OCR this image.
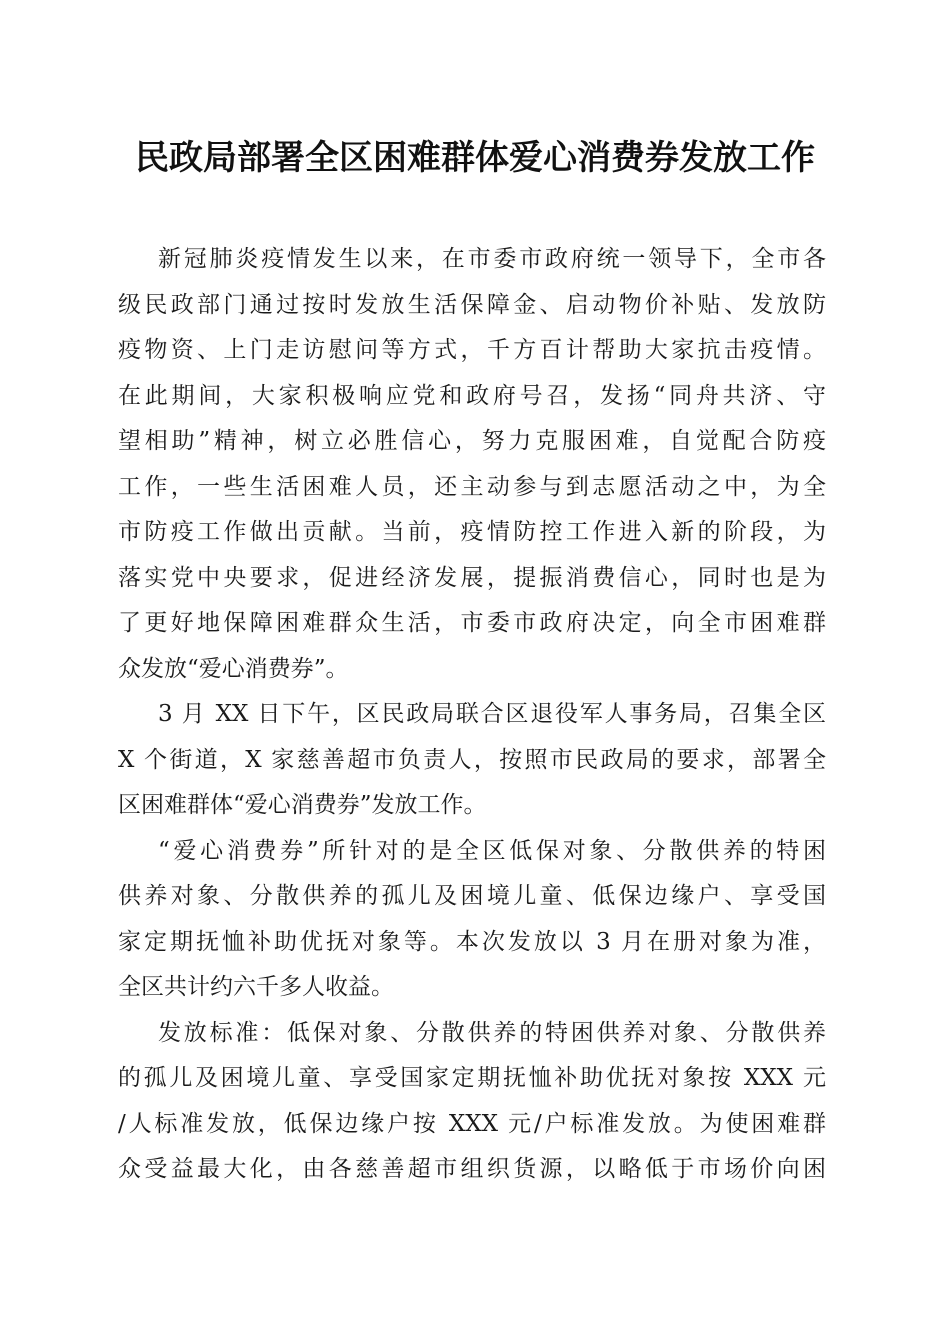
民政局部署全区困难群体爱心消费券发放工作
新冠肺炎疫情发生以来，在市委市政府统一领导下，全市各
级民政部门通过按时发放生活保障金、启动物价补贴、发放防
疫物资、上门走访慰问等方式，千方百计帮助大家抗击疫情。
在此期间，大家积极响应党和政府号召，发扬“同舟共济、守
望相助”精神，树立必胜信心，努力克服困难，自觉配合防疫
工作，一些生活困难人员，还主动参与到志愿活动之中，为全
市防疫工作做出贡献。当前，疫情防控工作进入新的阶段，为
落实党中央要求，促进经济发展，提振消费信心，同时也是为
了更好地保障困难群众生活，市委市政府决定，向全市困难群
众发放“爱心消费券”。
3 月 XX 日下午，区民政局联合区退役军人事务局，召集全区
X 个街道，X 家慈善超市负责人，按照市民政局的要求，部署全
区困难群体“爱心消费券”发放工作。
“爱心消费券”所针对的是全区低保对象、分散供养的特困
供养对象、分散供养的孤儿及困境儿童、低保边缘户、享受国
家定期抚恤补助优抚对象等。本次发放以 3 月在册对象为准，
全区共计约六千多人收益。
发放标准：低保对象、分散供养的特困供养对象、分散供养
的孤儿及困境儿童、享受国家定期抚恤补助优抚对象按 XXX 元
/人标准发放，低保边缘户按 XXX 元/户标准发放。为使困难群
众受益最大化，由各慈善超市组织货源，以略低于市场价向困
